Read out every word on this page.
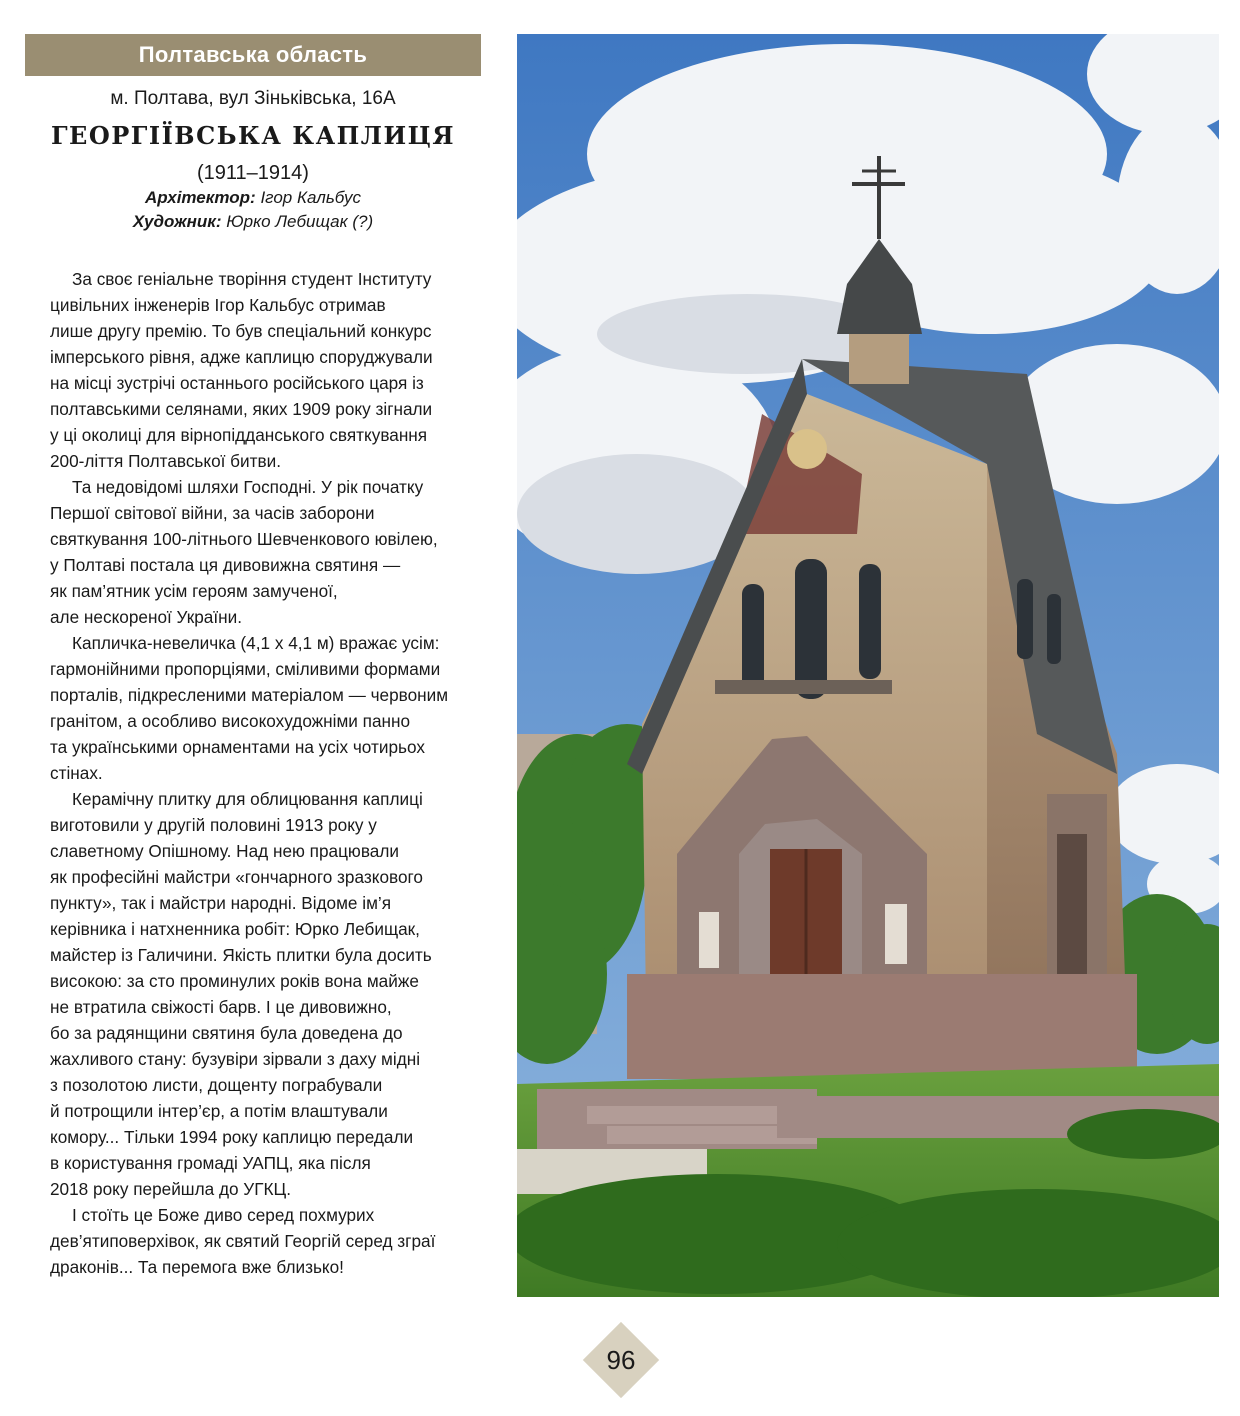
Полтавська область
м. Полтава, вул Зіньківська, 16А
ГЕОРГІЇВСЬКА КАПЛИЦЯ
(1911–1914)
Архітектор: Ігор Кальбус
Художник: Юрко Лебищак (?)

За своє геніальне творіння студент Інституту
цивільних інженерів Ігор Кальбус отримав
лише другу премію. То був спеціальний конкурс
імперського рівня, адже каплицю споруджували
на місці зустрічі останнього російського царя із
полтавськими селянами, яких 1909 року зігнали
у ці околиці для вірнопідданського святкування
200-ліття Полтавської битви.

Та недовідомі шляхи Господні. У рік початку
Першої світової війни, за часів заборони
святкування 100-літнього Шевченкового ювілею,
у Полтаві постала ця дивовижна святиня —
як пам’ятник усім героям замученої,
але нескореної України.

Капличка-невеличка (4,1 х 4,1 м) вражає усім:
гармонійними пропорціями, сміливими формами
порталів, підкресленими матеріалом — червоним
гранітом, а особливо високохудожніми панно
та українськими орнаментами на усіх чотирьох
стінах.

Керамічну плитку для облицювання каплиці
виготовили у другій половині 1913 року у
славетному Опішному. Над нею працювали
як професійні майстри «гончарного зразкового
пункту», так і майстри народні. Відоме ім’я
керівника і натхненника робіт: Юрко Лебищак,
майстер із Галичини. Якість плитки була досить
високою: за сто проминулих років вона майже
не втратила свіжості барв. І це дивовижно,
бо за радянщини святиня була доведена до
жахливого стану: бузувіри зірвали з даху мідні
з позолотою листи, дощенту пограбували
й потрощили інтер’єр, а потім влаштували
комору... Тільки 1994 року каплицю передали
в користування громаді УАПЦ, яка після
2018 року перейшла до УГКЦ.

І стоїть це Боже диво серед похмурих
дев’ятиповерхівок, як святий Георгій серед зграї
драконів... Та перемога вже близько!

96
